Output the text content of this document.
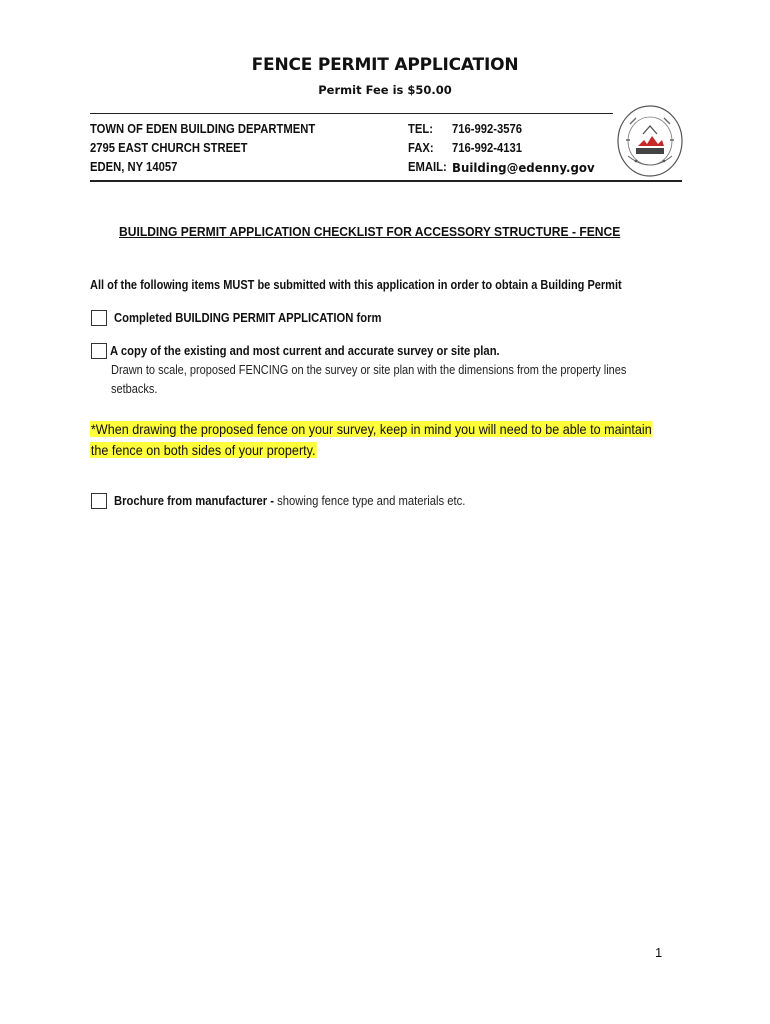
FENCE PERMIT APPLICATION
Permit Fee is $50.00
TOWN OF EDEN BUILDING DEPARTMENT
2795 EAST CHURCH STREET
EDEN, NY 14057
TEL: 716-992-3576
FAX: 716-992-4131
EMAIL: Building@edenny.gov
BUILDING PERMIT APPLICATION CHECKLIST FOR ACCESSORY STRUCTURE - FENCE
All of the following items MUST be submitted with this application in order to obtain a Building Permit
Completed BUILDING PERMIT APPLICATION form
A copy of the existing and most current and accurate survey or site plan.
Drawn to scale, proposed FENCING on the survey or site plan with the dimensions from the property lines
setbacks.
*When drawing the proposed fence on your survey, keep in mind you will need to be able to maintain
the fence on both sides of your property.
Brochure from manufacturer - showing fence type and materials etc.
1
